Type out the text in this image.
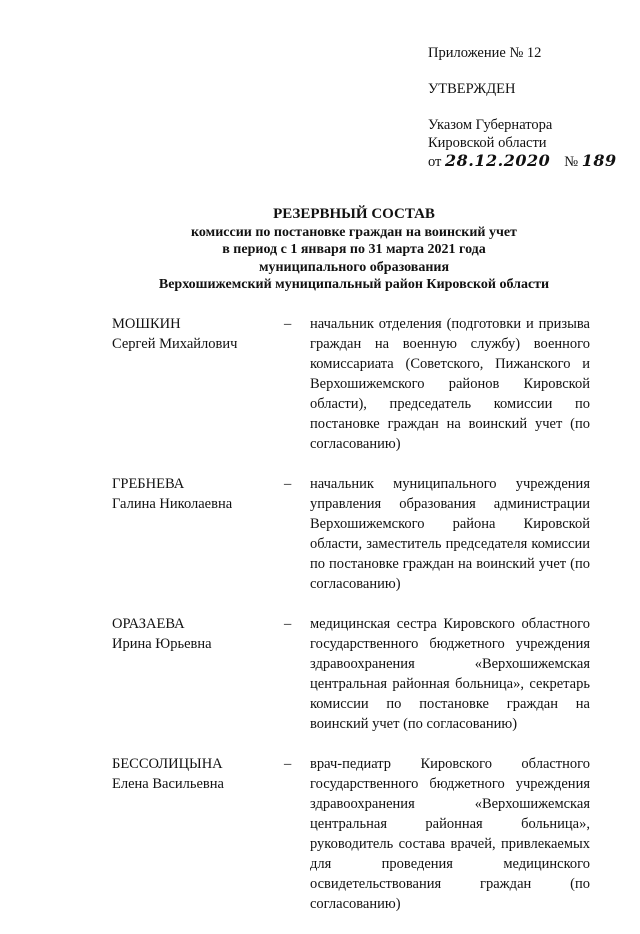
Приложение № 12
УТВЕРЖДЕН
Указом Губернатора
Кировской области
от 28.12.2020 № 189
РЕЗЕРВНЫЙ СОСТАВ
комиссии по постановке граждан на воинский учет
в период с 1 января по 31 марта 2021 года
муниципального образования
Верхошижемский муниципальный район Кировской области
МОШКИН
Сергей Михайлович
–	начальник отделения (подготовки и призыва граждан на военную службу) военного комиссариата (Советского, Пижанского и Верхошижемского районов Кировской области), председатель комиссии по постановке граждан на воинский учет (по согласованию)
ГРЕБНЕВА
Галина Николаевна
–	начальник муниципального учреждения управления образования администрации Верхошижемского района Кировской области, заместитель председателя комиссии по постановке граждан на воинский учет (по согласованию)
ОРАЗАЕВА
Ирина Юрьевна
–	медицинская сестра Кировского областного государственного бюджетного учреждения здравоохранения «Верхошижемская центральная районная больница», секретарь комиссии по постановке граждан на воинский учет (по согласованию)
БЕССОЛИЦЫНА
Елена Васильевна
–	врач-педиатр Кировского областного государственного бюджетного учреждения здравоохранения «Верхошижемская центральная районная больница», руководитель состава врачей, привлекаемых для проведения медицинского освидетельствования граждан (по согласованию)
